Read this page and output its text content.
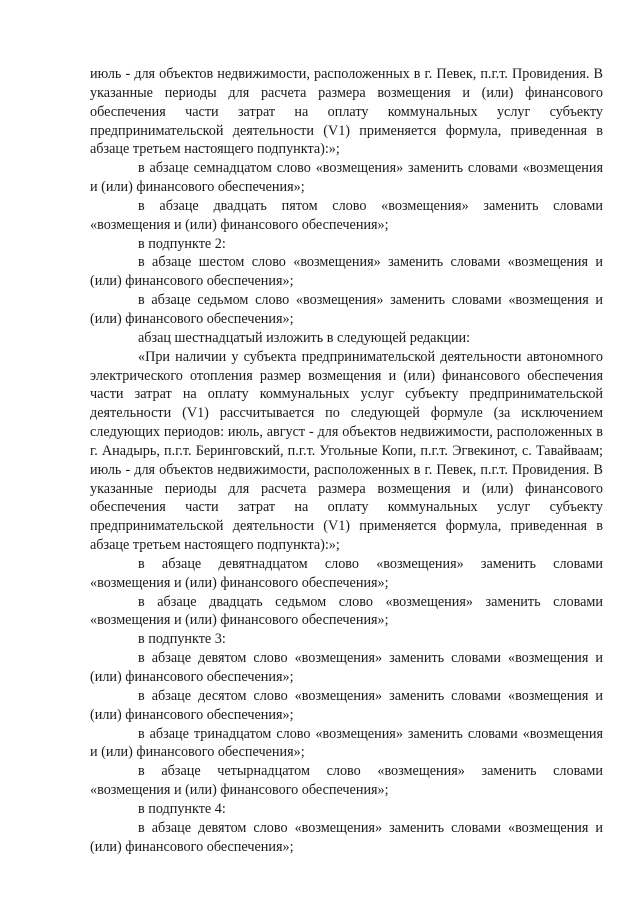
июль - для объектов недвижимости, расположенных в г. Певек, п.г.т. Провидения. В указанные периоды для расчета размера возмещения и (или) финансового обеспечения части затрат на оплату коммунальных услуг субъекту предпринимательской деятельности (V1) применяется формула, приведенная в абзаце третьем настоящего подпункта):»;

в абзаце семнадцатом слово «возмещения» заменить словами «возмещения и (или) финансового обеспечения»;

в абзаце двадцать пятом слово «возмещения» заменить словами «возмещения и (или) финансового обеспечения»;

в подпункте 2:

в абзаце шестом слово «возмещения» заменить словами «возмещения и (или) финансового обеспечения»;

в абзаце седьмом слово «возмещения» заменить словами «возмещения и (или) финансового обеспечения»;

абзац шестнадцатый изложить в следующей редакции:

«При наличии у субъекта предпринимательской деятельности автономного электрического отопления размер возмещения и (или) финансового обеспечения части затрат на оплату коммунальных услуг субъекту предпринимательской деятельности (V1) рассчитывается по следующей формуле (за исключением следующих периодов: июль, август - для объектов недвижимости, расположенных в г. Анадырь, п.г.т. Беринговский, п.г.т. Угольные Копи, п.г.т. Эгвекинот, с. Тавайваам; июль - для объектов недвижимости, расположенных в г. Певек, п.г.т. Провидения. В указанные периоды для расчета размера возмещения и (или) финансового обеспечения части затрат на оплату коммунальных услуг субъекту предпринимательской деятельности (V1) применяется формула, приведенная в абзаце третьем настоящего подпункта):»;

в абзаце девятнадцатом слово «возмещения» заменить словами «возмещения и (или) финансового обеспечения»;

в абзаце двадцать седьмом слово «возмещения» заменить словами «возмещения и (или) финансового обеспечения»;

в подпункте 3:

в абзаце девятом слово «возмещения» заменить словами «возмещения и (или) финансового обеспечения»;

в абзаце десятом слово «возмещения» заменить словами «возмещения и (или) финансового обеспечения»;

в абзаце тринадцатом слово «возмещения» заменить словами «возмещения и (или) финансового обеспечения»;

в абзаце четырнадцатом слово «возмещения» заменить словами «возмещения и (или) финансового обеспечения»;

в подпункте 4:

в абзаце девятом слово «возмещения» заменить словами «возмещения и (или) финансового обеспечения»;
